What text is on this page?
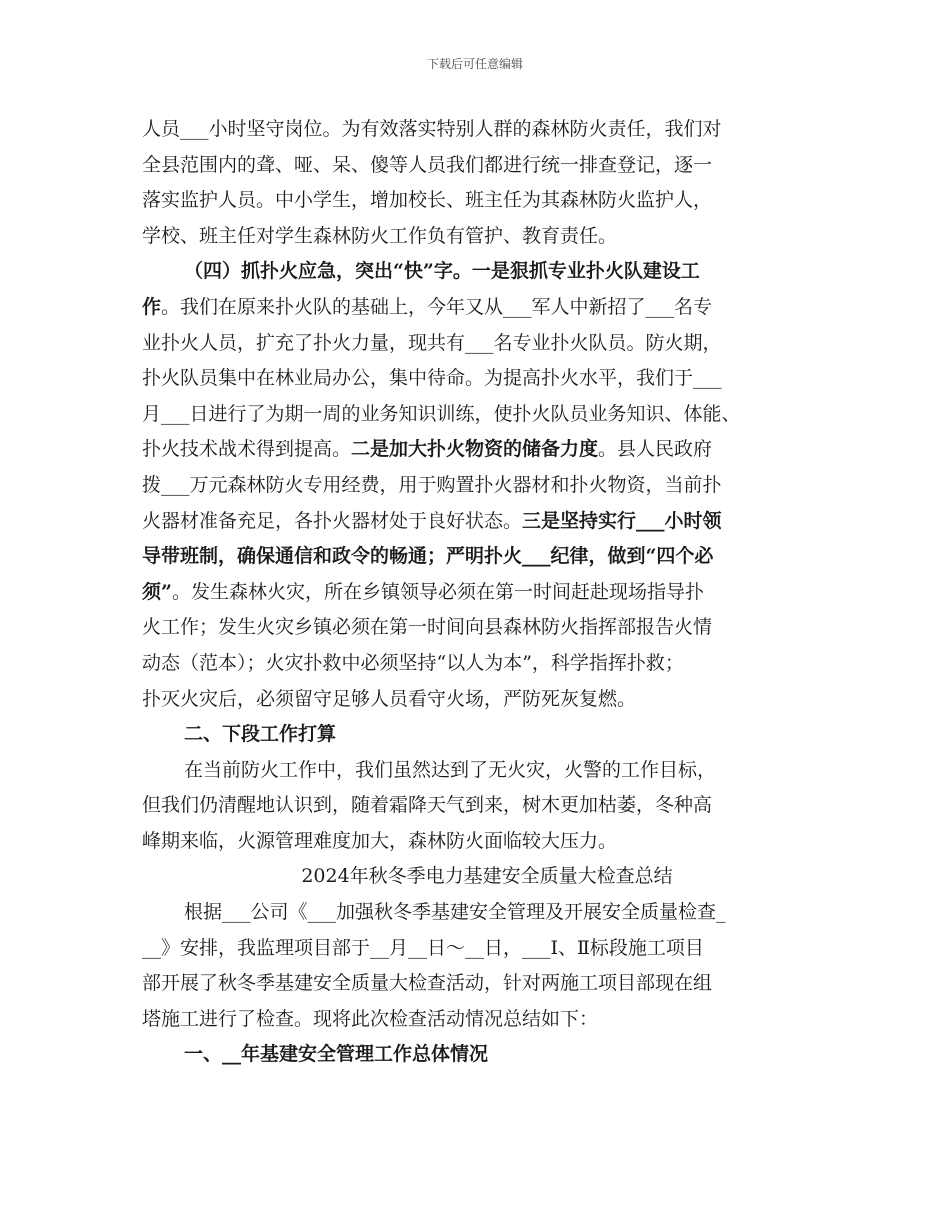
下载后可任意编辑
人员___小时坚守岗位。为有效落实特别人群的森林防火责任，我们对
全县范围内的聋、哑、呆、傻等人员我们都进行统一排查登记，逐一
落实监护人员。中小学生，增加校长、班主任为其森林防火监护人，
学校、班主任对学生森林防火工作负有管护、教育责任。
（四）抓扑火应急，突出“快”字。一是狠抓专业扑火队建设工
作。我们在原来扑火队的基础上，今年又从___军人中新招了___名专
业扑火人员，扩充了扑火力量，现共有___名专业扑火队员。防火期，
扑火队员集中在林业局办公，集中待命。为提高扑火水平，我们于___
月___日进行了为期一周的业务知识训练，使扑火队员业务知识、体能、
扑火技术战术得到提高。二是加大扑火物资的储备力度。县人民政府
拨___万元森林防火专用经费，用于购置扑火器材和扑火物资，当前扑
火器材准备充足，各扑火器材处于良好状态。三是坚持实行___小时领
导带班制，确保通信和政令的畅通；严明扑火___纪律，做到“四个必
须”。发生森林火灾，所在乡镇领导必须在第一时间赶赴现场指导扑
火工作；发生火灾乡镇必须在第一时间向县森林防火指挥部报告火情
动态（范本）；火灾扑救中必须坚持“以人为本”，科学指挥扑救；
扑灭火灾后，必须留守足够人员看守火场，严防死灰复燃。
二、下段工作打算
在当前防火工作中，我们虽然达到了无火灾，火警的工作目标，
但我们仍清醒地认识到，随着霜降天气到来，树木更加枯萎，冬种高
峰期来临，火源管理难度加大，森林防火面临较大压力。
2024年秋冬季电力基建安全质量大检查总结
根据___公司《___加强秋冬季基建安全管理及开展安全质量检查_
__》安排，我监理项目部于__月__日～__日，___Ⅰ、Ⅱ标段施工项目
部开展了秋冬季基建安全质量大检查活动，针对两施工项目部现在组
塔施工进行了检查。现将此次检查活动情况总结如下：
一、__年基建安全管理工作总体情况
